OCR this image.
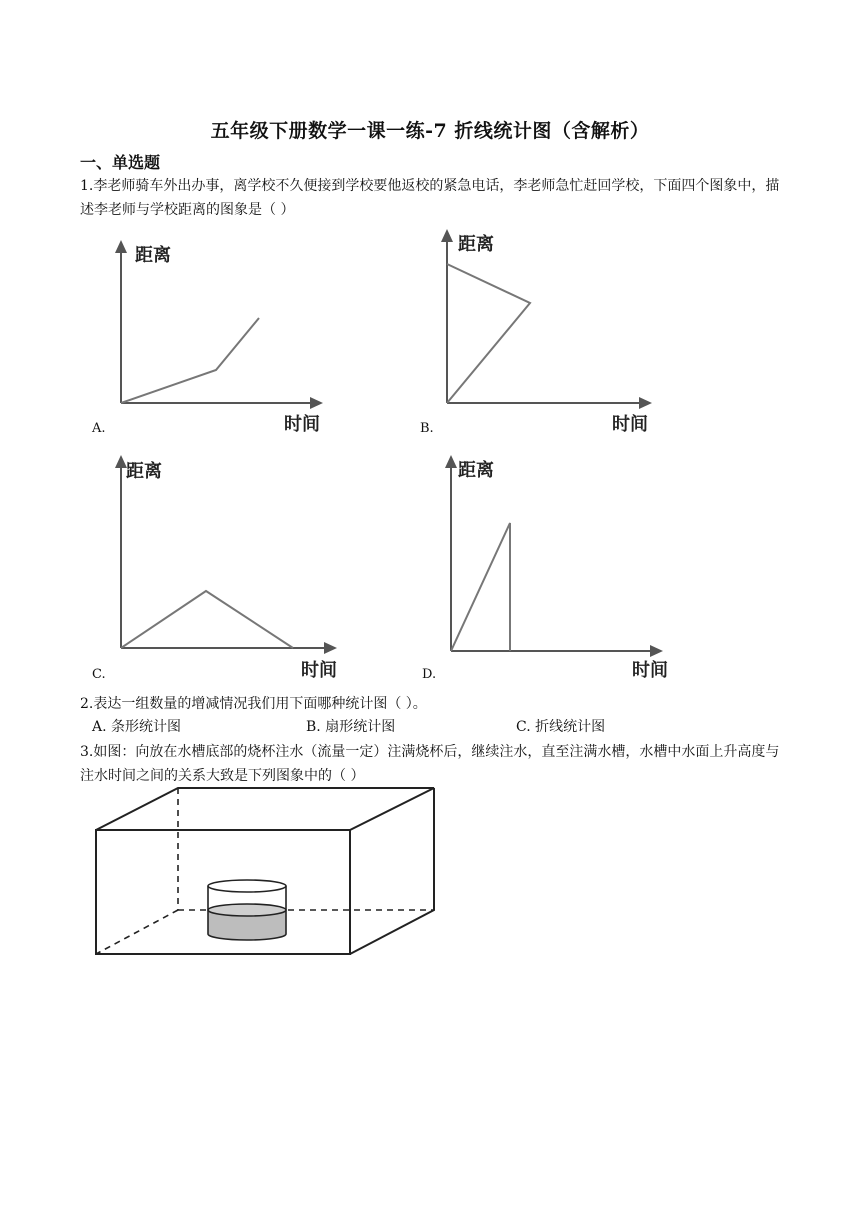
五年级下册数学一课一练-7 折线统计图（含解析）
一、单选题
1.李老师骑车外出办事，离学校不久便接到学校要他返校的紧急电话，李老师急忙赶回学校，下面四个图象中，描述李老师与学校距离的图象是（ ）
距离
时间
A.
距离
时间
B.
距离
时间
C.
距离
时间
D.
2.表达一组数量的增减情况我们用下面哪种统计图（ ）。
A. 条形统计图	B. 扇形统计图	C. 折线统计图
3.如图：向放在水槽底部的烧杯注水（流量一定）注满烧杯后，继续注水，直至注满水槽，水槽中水面上升高度与注水时间之间的关系大致是下列图象中的（ ）
